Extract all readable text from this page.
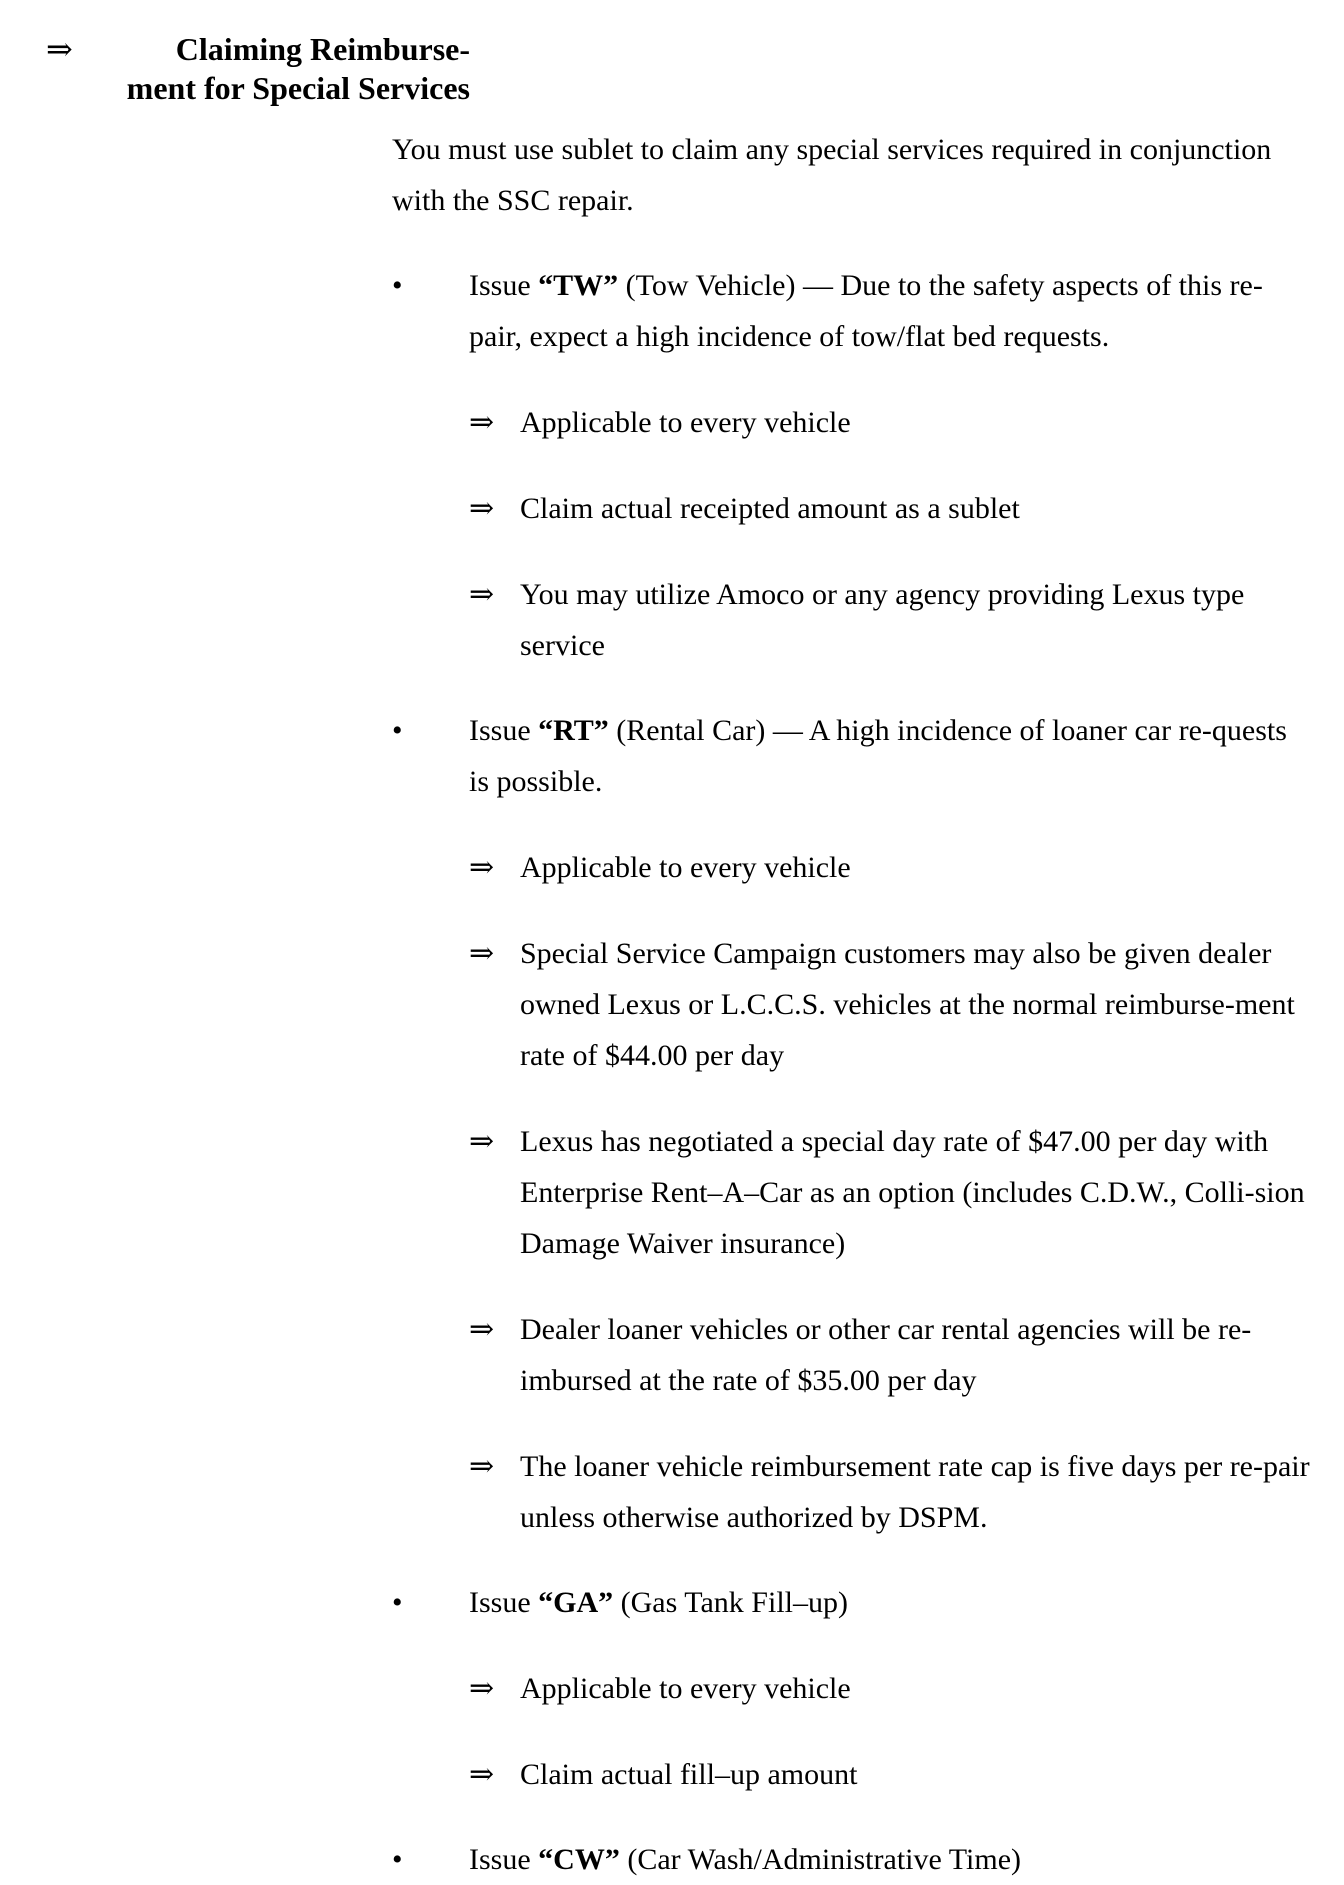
⇒	Claiming Reimburse-
ment for Special Services

You must use sublet to claim any special services required in conjunction with the SSC repair.

• Issue “TW” (Tow Vehicle) — Due to the safety aspects of this re-pair, expect a high incidence of tow/flat bed requests.
⇒ Applicable to every vehicle
⇒ Claim actual receipted amount as a sublet
⇒ You may utilize Amoco or any agency providing Lexus type service
• Issue “RT” (Rental Car) — A high incidence of loaner car re-quests is possible.
⇒ Applicable to every vehicle
⇒ Special Service Campaign customers may also be given dealer owned Lexus or L.C.C.S. vehicles at the normal reimburse-ment rate of $44.00 per day
⇒ Lexus has negotiated a special day rate of $47.00 per day with Enterprise Rent–A–Car as an option (includes C.D.W., Colli-sion Damage Waiver insurance)
⇒ Dealer loaner vehicles or other car rental agencies will be re-imbursed at the rate of $35.00 per day
⇒ The loaner vehicle reimbursement rate cap is five days per re-pair unless otherwise authorized by DSPM.
• Issue “GA” (Gas Tank Fill–up)
⇒ Applicable to every vehicle
⇒ Claim actual fill–up amount
• Issue “CW” (Car Wash/Administrative Time)
